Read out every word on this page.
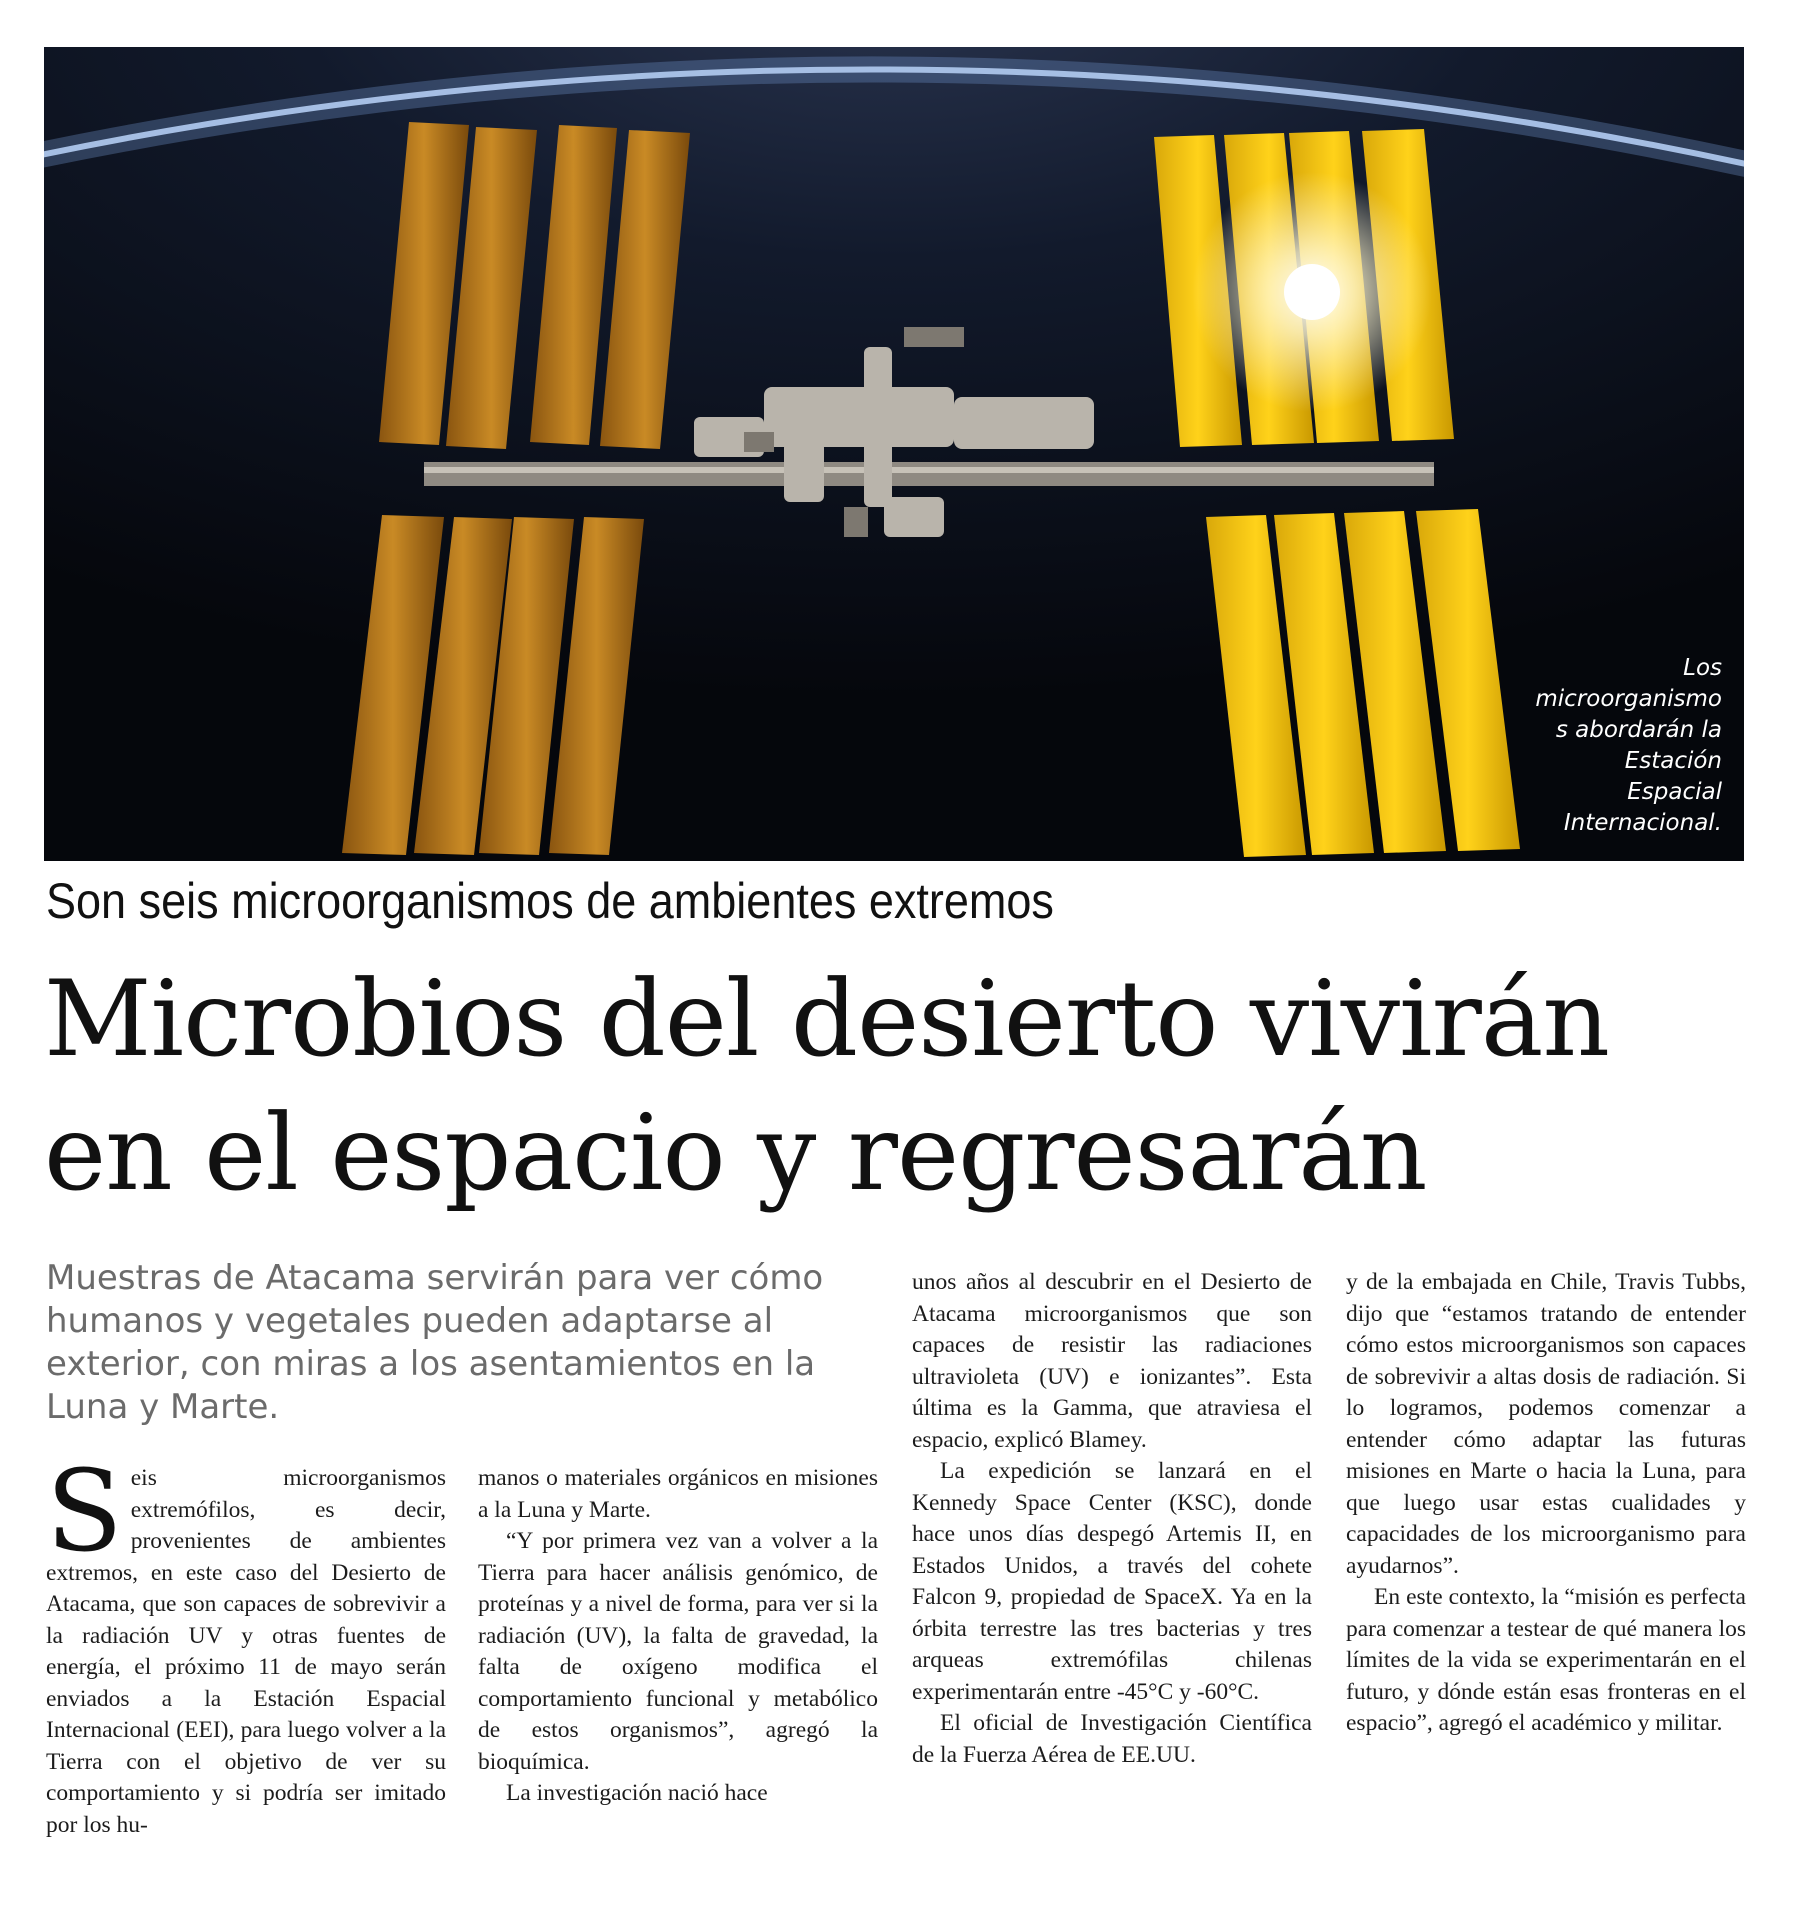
Los
microorganismo
s abordarán la
Estación
Espacial
Internacional.
Son seis microorganismos de ambientes extremos
Microbios del desierto vivirán
en el espacio y regresarán
Muestras de Atacama servirán para ver cómo humanos y vegetales pueden adaptarse al exterior, con miras a los asentamientos en la Luna y Marte.

Seis microorganismos extremófilos, es decir, provenientes de ambientes extremos, en este caso del Desierto de Atacama, que son capaces de sobrevivir a la radiación UV y otras fuentes de energía, el próximo 11 de mayo serán enviados a la Estación Espacial Internacional (EEI), para luego volver a la Tierra con el objetivo de ver su comportamiento y si podría ser imitado por los hu-

manos o materiales orgánicos en misiones a la Luna y Marte.

“Y por primera vez van a volver a la Tierra para hacer análisis genómico, de proteínas y a nivel de forma, para ver si la radiación (UV), la falta de gravedad, la falta de oxígeno modifica el comportamiento funcional y metabólico de estos organismos”, agregó la bioquímica.

La investigación nació hace

unos años al descubrir en el Desierto de Atacama microorganismos que son capaces de resistir las radiaciones ultravioleta (UV) e ionizantes”. Esta última es la Gamma, que atraviesa el espacio, explicó Blamey.

La expedición se lanzará en el Kennedy Space Center (KSC), donde hace unos días despegó Artemis II, en Estados Unidos, a través del cohete Falcon 9, propiedad de SpaceX. Ya en la órbita terrestre las tres bacterias y tres arqueas extremófilas chilenas experimentarán entre -45°C y -60°C.

El oficial de Investigación Científica de la Fuerza Aérea de EE.UU.

y de la embajada en Chile, Travis Tubbs, dijo que “estamos tratando de entender cómo estos microorganismos son capaces de sobrevivir a altas dosis de radiación. Si lo logramos, podemos comenzar a entender cómo adaptar las futuras misiones en Marte o hacia la Luna, para que luego usar estas cualidades y capacidades de los microorganismo para ayudarnos”.

En este contexto, la “misión es perfecta para comenzar a testear de qué manera los límites de la vida se experimentarán en el futuro, y dónde están esas fronteras en el espacio”, agregó el académico y militar.
